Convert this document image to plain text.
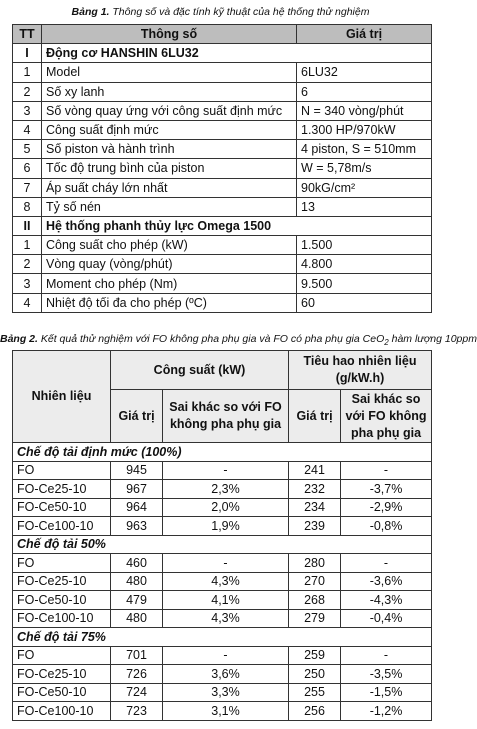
Bảng 1. Thông số và đặc tính kỹ thuật của hệ thống thử nghiệm
TT	Thông số	Giá trị
I	Động cơ HANSHIN 6LU32	
1	Model	6LU32
2	Số xy lanh	6
3	Số vòng quay ứng với công suất định mức	N = 340 vòng/phút
4	Công suất định mức	1.300 HP/970kW
5	Số piston và hành trình	4 piston, S = 510mm
6	Tốc độ trung bình của piston	W = 5,78m/s
7	Áp suất cháy lớn nhất	90kG/cm²
8	Tỷ số nén	13
II	Hệ thống phanh thủy lực Omega 1500	
1	Công suất cho phép (kW)	1.500
2	Vòng quay (vòng/phút)	4.800
3	Moment cho phép (Nm)	9.500
4	Nhiệt độ tối đa cho phép (ºC)	60
Bảng 2. Kết quả thử nghiệm với FO không pha phụ gia và FO có pha phụ gia CeO$_2$ hàm lượng 10ppm
Nhiên liệu	Công suất (kW)		Tiêu hao nhiên liệu (g/kW.h)	
	Giá trị	Sai khác so với FO không pha phụ gia	Giá trị	Sai khác so với FO không pha phụ gia
Chế độ tải định mức (100%)				
FO	945	-	241	-
FO-Ce25-10	967	2,3%	232	-3,7%
FO-Ce50-10	964	2,0%	234	-2,9%
FO-Ce100-10	963	1,9%	239	-0,8%
Chế độ tải 50%				
FO	460	-	280	-
FO-Ce25-10	480	4,3%	270	-3,6%
FO-Ce50-10	479	4,1%	268	-4,3%
FO-Ce100-10	480	4,3%	279	-0,4%
Chế độ tải 75%				
FO	701	-	259	-
FO-Ce25-10	726	3,6%	250	-3,5%
FO-Ce50-10	724	3,3%	255	-1,5%
FO-Ce100-10	723	3,1%	256	-1,2%
